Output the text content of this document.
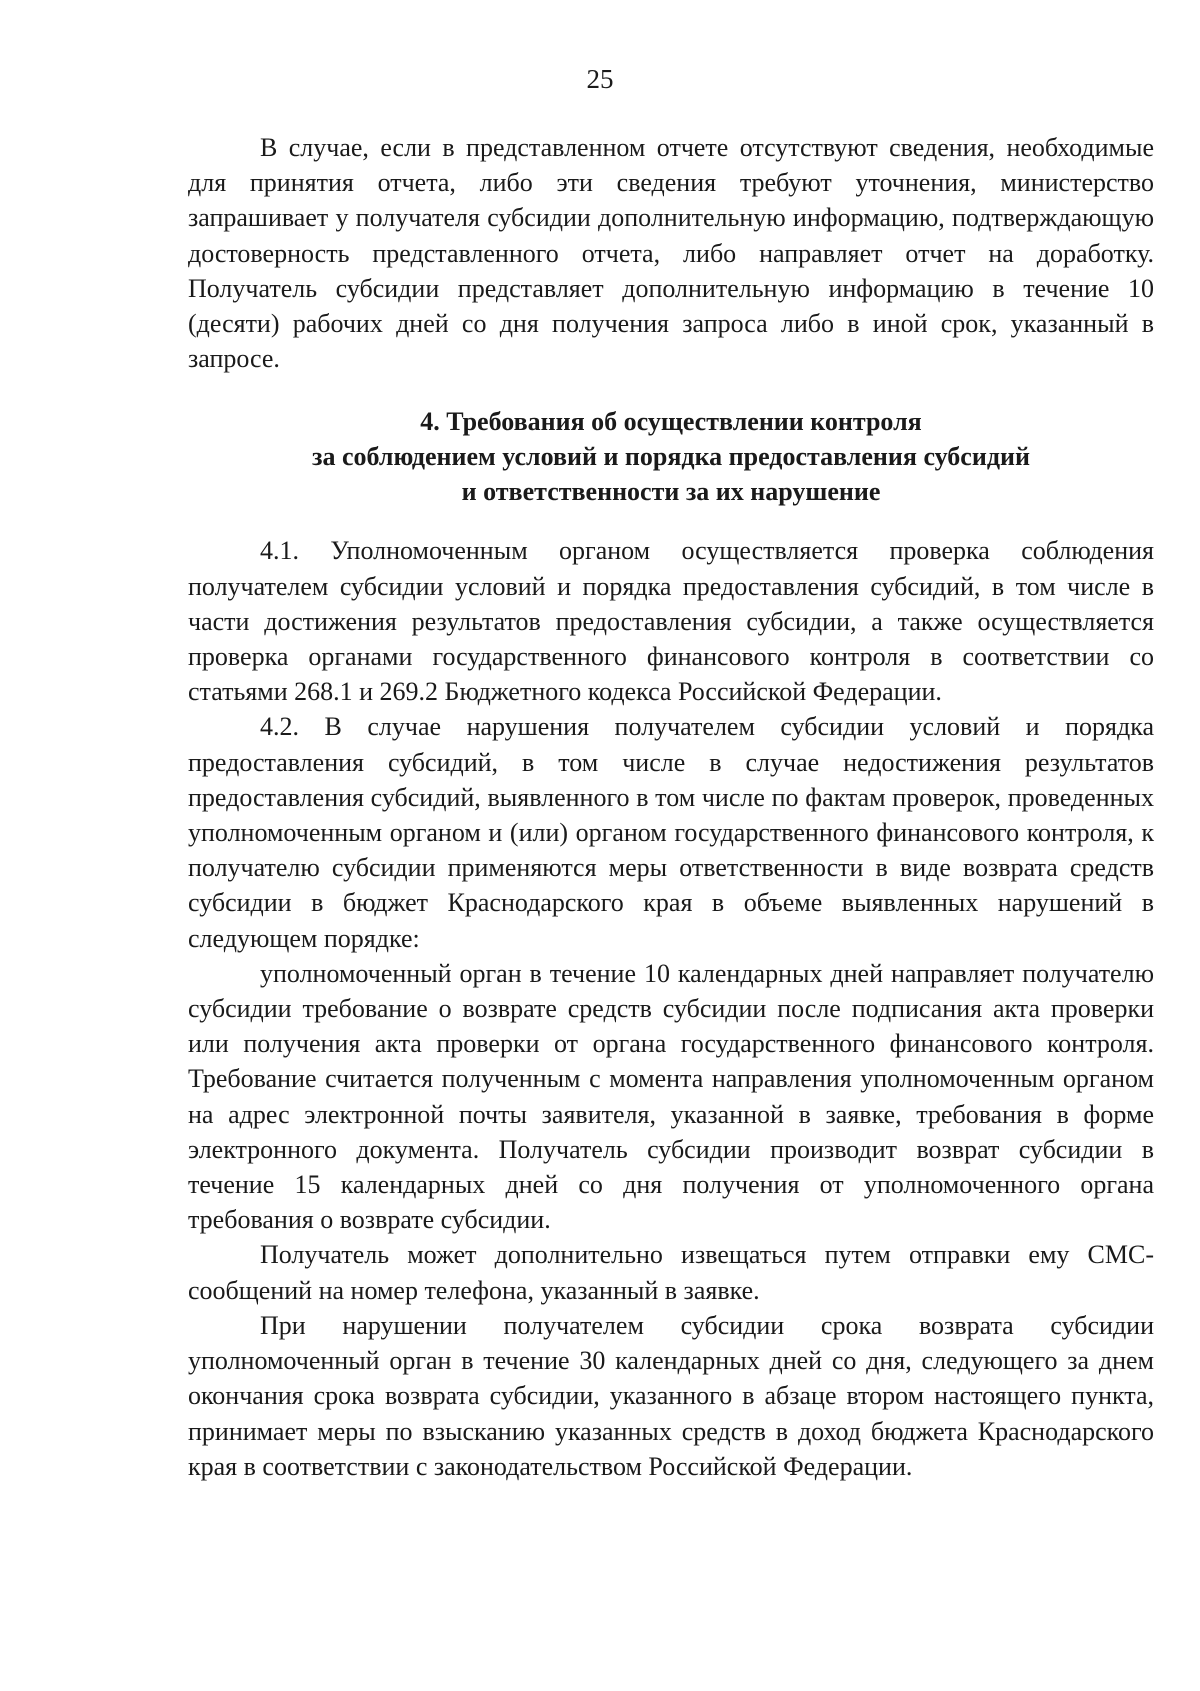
25

В случае, если в представленном отчете отсутствуют сведения, необходимые для принятия отчета, либо эти сведения требуют уточнения, министерство запрашивает у получателя субсидии дополнительную информацию, подтверждающую достоверность представленного отчета, либо направляет отчет на доработку. Получатель субсидии представляет дополнительную информацию в течение 10 (десяти) рабочих дней со дня получения запроса либо в иной срок, указанный в запросе.

4. Требования об осуществлении контроля
за соблюдением условий и порядка предоставления субсидий
и ответственности за их нарушение

4.1. Уполномоченным органом осуществляется проверка соблюдения получателем субсидии условий и порядка предоставления субсидий, в том числе в части достижения результатов предоставления субсидии, а также осуществляется проверка органами государственного финансового контроля в соответствии со статьями 268.1 и 269.2 Бюджетного кодекса Российской Федерации.

4.2. В случае нарушения получателем субсидии условий и порядка предоставления субсидий, в том числе в случае недостижения результатов предоставления субсидий, выявленного в том числе по фактам проверок, проведенных уполномоченным органом и (или) органом государственного финансового контроля, к получателю субсидии применяются меры ответственности в виде возврата средств субсидии в бюджет Краснодарского края в объеме выявленных нарушений в следующем порядке:

уполномоченный орган в течение 10 календарных дней направляет получателю субсидии требование о возврате средств субсидии после подписания акта проверки или получения акта проверки от органа государственного финансового контроля. Требование считается полученным с момента направления уполномоченным органом на адрес электронной почты заявителя, указанной в заявке, требования в форме электронного документа. Получатель субсидии производит возврат субсидии в течение 15 календарных дней со дня получения от уполномоченного органа требования о возврате субсидии.

Получатель может дополнительно извещаться путем отправки ему СМС-сообщений на номер телефона, указанный в заявке.

При нарушении получателем субсидии срока возврата субсидии уполномоченный орган в течение 30 календарных дней со дня, следующего за днем окончания срока возврата субсидии, указанного в абзаце втором настоящего пункта, принимает меры по взысканию указанных средств в доход бюджета Краснодарского края в соответствии с законодательством Российской Федерации.
